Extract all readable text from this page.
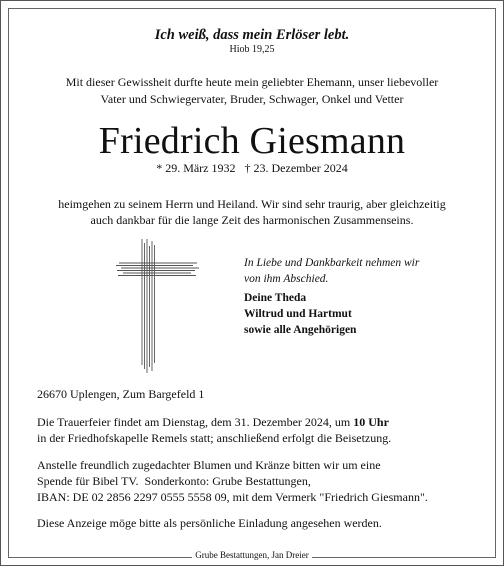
Ich weiß, dass mein Erlöser lebt.
Hiob 19,25
Mit dieser Gewissheit durfte heute mein geliebter Ehemann, unser liebevoller
Vater und Schwiegervater, Bruder, Schwager, Onkel und Vetter
Friedrich Giesmann
* 29. März 1932   † 23. Dezember 2024
heimgehen zu seinem Herrn und Heiland. Wir sind sehr traurig, aber gleichzeitig
auch dankbar für die lange Zeit des harmonischen Zusammenseins.
In Liebe und Dankbarkeit nehmen wir
von ihm Abschied.
Deine Theda
Wiltrud und Hartmut
sowie alle Angehörigen
26670 Uplengen, Zum Bargefeld 1
Die Trauerfeier findet am Dienstag, dem 31. Dezember 2024, um 10 Uhr
in der Friedhofskapelle Remels statt; anschließend erfolgt die Beisetzung.
Anstelle freundlich zugedachter Blumen und Kränze bitten wir um eine
Spende für Bibel TV.  Sonderkonto: Grube Bestattungen,
IBAN: DE 02 2856 2297 0555 5558 09, mit dem Vermerk "Friedrich Giesmann".
Diese Anzeige möge bitte als persönliche Einladung angesehen werden.
Grube Bestattungen, Jan Dreier
